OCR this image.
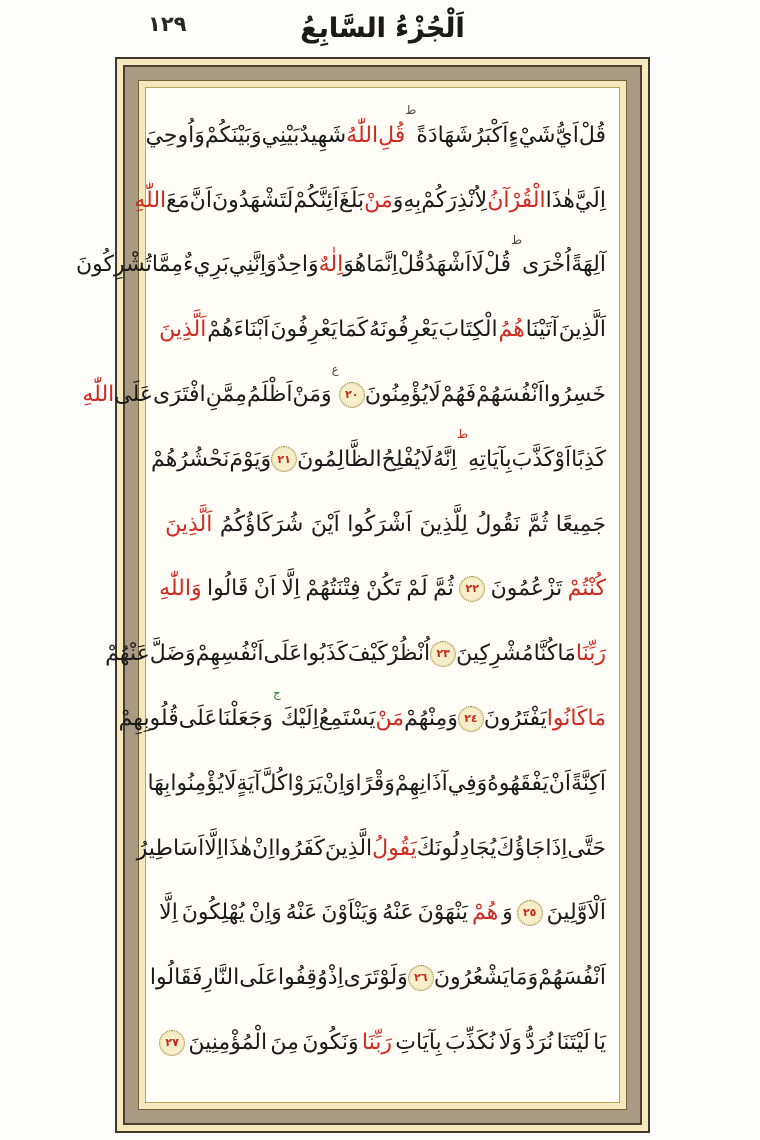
اَلْجُزْءُ السَّابِعُ
١٢٩
قُلْ
اَيُّ
شَيْءٍ
اَكْبَرُ
شَهَادَةً
ط
قُلِ
اللّٰهُ
شَهِيدٌ
بَيْنِي
وَبَيْنَكُمْ
وَاُوحِيَ
اِلَيَّ
هٰذَا
الْقُرْآنُ
لِاُنْذِرَكُمْ
بِهِ
وَ
مَنْ
بَلَغَ
اَئِنَّكُمْ
لَتَشْهَدُونَ
اَنَّ
مَعَ
اللّٰهِ
آلِهَةً
اُخْرَى
ط
قُلْ
لَا
اَشْهَدُ
قُلْ
اِنَّمَا
هُوَ
اِلٰهٌ
وَاحِدٌ
وَاِنَّنِي
بَرِيءٌ
مِمَّا
تُشْرِكُونَ
اَلَّذِينَ
آتَيْنَا
هُمُ
الْكِتَابَ
يَعْرِفُونَهُ
كَمَا
يَعْرِفُونَ
اَبْنَاءَهُمْ
اَلَّذِينَ
خَسِرُوا
اَنْفُسَهُمْ
فَهُمْ
لَا
يُؤْمِنُونَ
٢٠
ع
وَمَنْ
اَظْلَمُ
مِمَّنِ
افْتَرَى
عَلَى
اللّٰهِ
كَذِبًا
اَوْ
كَذَّبَ
بِآيَاتِهِ
ط
اِنَّهُ
لَا
يُفْلِحُ
الظَّالِمُونَ
٢١
وَيَوْمَ
نَحْشُرُهُمْ
جَمِيعًا
ثُمَّ
نَقُولُ
لِلَّذِينَ
اَشْرَكُوا
اَيْنَ
شُرَكَاؤُكُمُ
اَلَّذِينَ
كُنْتُمْ
تَزْعُمُونَ
٢٢
ثُمَّ
لَمْ
تَكُنْ
فِتْنَتُهُمْ
اِلَّا
اَنْ
قَالُوا
وَاللّٰهِ
رَبِّنَا
مَا
كُنَّا
مُشْرِكِينَ
٢٣
اُنْظُرْ
كَيْفَ
كَذَبُوا
عَلَى
اَنْفُسِهِمْ
وَضَلَّ
عَنْهُمْ
مَا
كَانُوا
يَفْتَرُونَ
٢٤
وَمِنْهُمْ
مَنْ
يَسْتَمِعُ
اِلَيْكَ
ج
وَجَعَلْنَا
عَلَى
قُلُوبِهِمْ
اَكِنَّةً
اَنْ
يَفْقَهُوهُ
وَفِي
آذَانِهِمْ
وَقْرًا
وَاِنْ
يَرَوْا
كُلَّ
آيَةٍ
لَا
يُؤْمِنُوا
بِهَا
حَتَّى
اِذَا
جَاؤُكَ
يُجَادِلُونَكَ
يَقُولُ
الَّذِينَ
كَفَرُوا
اِنْ
هٰذَا
اِلَّا
اَسَاطِيرُ
اَلْاَوَّلِينَ
٢٥
وَ
هُمْ
يَنْهَوْنَ
عَنْهُ
وَيَنْاَوْنَ
عَنْهُ
وَاِنْ
يُهْلِكُونَ
اِلَّا
اَنْفُسَهُمْ
وَمَا
يَشْعُرُونَ
٢٦
وَلَوْ
تَرَى
اِذْ
وُقِفُوا
عَلَى
النَّارِ
فَقَالُوا
يَا
لَيْتَنَا
نُرَدُّ
وَلَا
نُكَذِّبَ
بِآيَاتِ
رَبِّنَا
وَنَكُونَ
مِنَ
الْمُؤْمِنِينَ
٢٧
